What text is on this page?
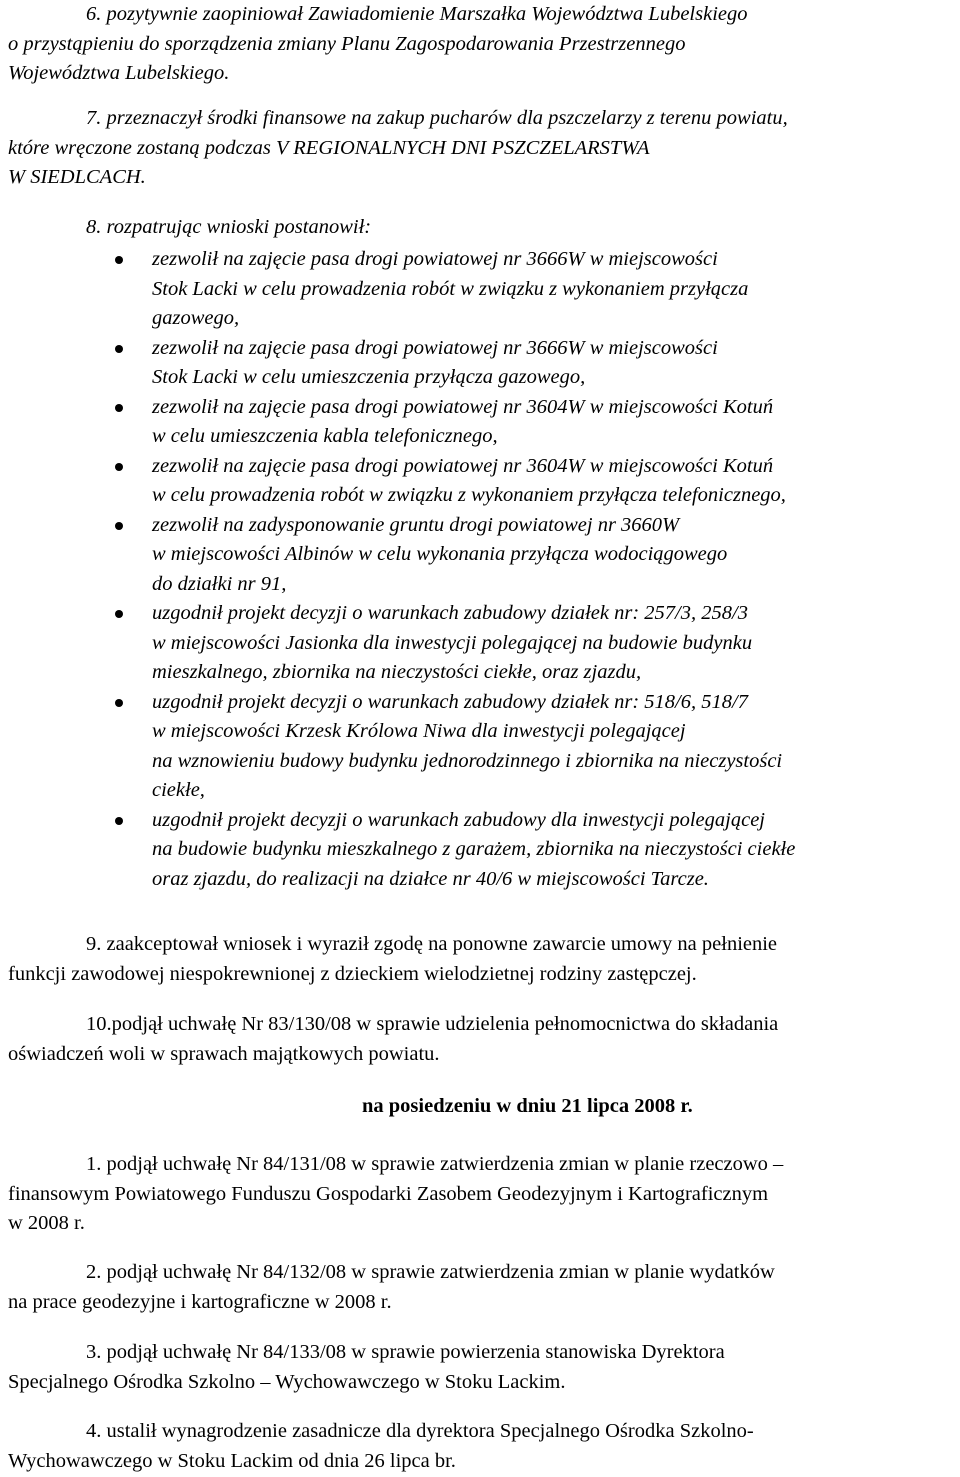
6. pozytywnie zaopiniował Zawiadomienie Marszałka Województwa Lubelskiego
o przystąpieniu do sporządzenia zmiany Planu Zagospodarowania Przestrzennego
Województwa Lubelskiego.
7. przeznaczył środki finansowe na zakup pucharów dla pszczelarzy z terenu powiatu,
które wręczone zostaną podczas V REGIONALNYCH DNI PSZCZELARSTWA
W SIEDLCACH.
8. rozpatrując wnioski postanowił:
zezwolił na zajęcie pasa drogi powiatowej nr 3666W w miejscowości
Stok Lacki w celu prowadzenia robót w związku z wykonaniem przyłącza
gazowego,
zezwolił na zajęcie pasa drogi powiatowej nr 3666W w miejscowości
Stok Lacki w celu umieszczenia przyłącza gazowego,
zezwolił na zajęcie pasa drogi powiatowej nr 3604W w miejscowości Kotuń
w celu umieszczenia kabla telefonicznego,
zezwolił na zajęcie pasa drogi powiatowej nr 3604W w miejscowości Kotuń
w celu prowadzenia robót w związku z wykonaniem przyłącza telefonicznego,
zezwolił na zadysponowanie gruntu drogi powiatowej nr 3660W
w miejscowości Albinów w celu wykonania przyłącza wodociągowego
do działki nr 91,
uzgodnił projekt decyzji o warunkach zabudowy działek nr: 257/3, 258/3
w miejscowości Jasionka dla inwestycji polegającej na budowie budynku
mieszkalnego, zbiornika na nieczystości ciekłe, oraz zjazdu,
uzgodnił projekt decyzji o warunkach zabudowy działek nr: 518/6, 518/7
w miejscowości Krzesk Królowa Niwa dla inwestycji polegającej
na wznowieniu budowy budynku jednorodzinnego i zbiornika na nieczystości
ciekłe,
uzgodnił projekt decyzji o warunkach zabudowy dla inwestycji polegającej
na budowie budynku mieszkalnego z garażem, zbiornika na nieczystości ciekłe
oraz zjazdu, do realizacji na działce nr 40/6 w miejscowości Tarcze.
9. zaakceptował wniosek i wyraził zgodę na ponowne zawarcie umowy na pełnienie
funkcji zawodowej niespokrewnionej z dzieckiem wielodzietnej rodziny zastępczej.
10.podjął uchwałę Nr 83/130/08 w sprawie udzielenia pełnomocnictwa do składania
oświadczeń woli w sprawach majątkowych powiatu.
na posiedzeniu w dniu 21 lipca 2008 r.
1. podjął uchwałę Nr 84/131/08 w sprawie zatwierdzenia zmian w planie rzeczowo –
finansowym Powiatowego Funduszu Gospodarki Zasobem Geodezyjnym i Kartograficznym
w 2008 r.
2. podjął uchwałę Nr 84/132/08 w sprawie zatwierdzenia zmian w planie wydatków
na prace geodezyjne i kartograficzne w 2008 r.
3. podjął uchwałę Nr 84/133/08 w sprawie powierzenia stanowiska Dyrektora
Specjalnego Ośrodka Szkolno – Wychowawczego w Stoku Lackim.
4. ustalił wynagrodzenie zasadnicze dla dyrektora Specjalnego Ośrodka Szkolno-
Wychowawczego w Stoku Lackim od dnia 26 lipca br.
